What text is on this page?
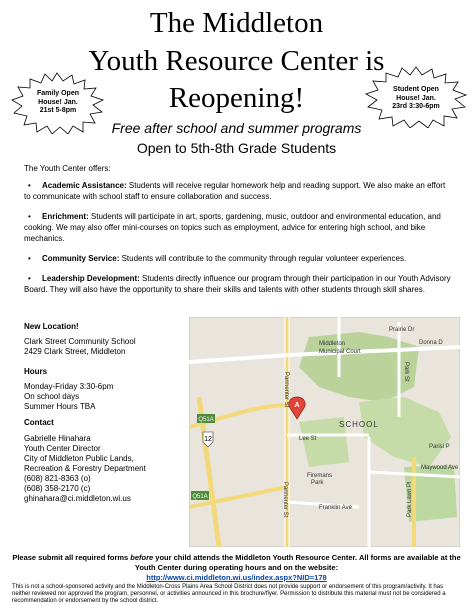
The Middleton
Youth Resource Center is
Reopening!
Family Open House! Jan. 21st 5-8pm
Student Open House! Jan. 23rd 3:30-6pm
Free after school and summer programs
Open to 5th-8th Grade Students
The Youth Center offers:
• Academic Assistance: Students will receive regular homework help and reading support. We also make an effort to communicate with school staff to ensure collaboration and success.
• Enrichment: Students will participate in art, sports, gardening, music, outdoor and environmental education, and cooking. We may also offer mini-courses on topics such as employment, advice for entering high school, and bike mechanics.
• Community Service: Students will contribute to the community through regular volunteer experiences.
• Leadership Development: Students directly influence our program through their participation in our Youth Advisory Board. They will also have the opportunity to share their skills and talents with other students through skill shares.
New Location!

Clark Street Community School
2429 Clark Street, Middleton
Hours

Monday-Friday 3:30-6pm
On school days
Summer Hours TBA
Contact

Gabrielle Hinahara
Youth Center Director
City of Middleton Public Lands,
Recreation & Forestry Department
(608) 821-8363 (o)
(608) 358-2170 (c)
ghinahara@ci.middleton.wi.us
Q51A
Q51A
12
Prairie Dr
Donna D
Middleton
Municipal Court
Parmenter St
Parmenter St
Park St
SCHOOL
Parisi P
Lee St
Maywood Ave
Firemans
Park
Franklin Ave	Park Lawn Pl
A
Please submit all required forms before your child attends the Middleton Youth Resource Center. All forms are available at the Youth Center during operating hours and on the website:
http://www.ci.middleton.wi.us/index.aspx?NID=178
This is not a school-sponsored activity and the Middleton-Cross Plains Area School District does not provide support or endorsement of this program/activity. It has neither reviewed nor approved the program, personnel, or activities announced in this brochure/flyer. Permission to distribute this material must not be considered a recommendation or endorsement by the school district.
